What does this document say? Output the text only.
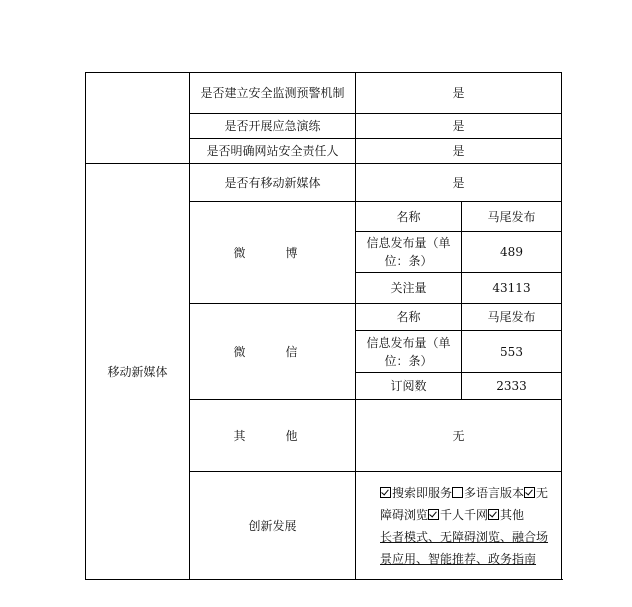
	是否建立安全监测预警机制	是	
	是否开展应急演练	是	
	是否明确网站安全责任人	是	
移动新媒体	是否有移动新媒体	是	
	微　博	名称	马尾发布
		信息发布量（单位：条）	489
		关注量	43113
	微　信	名称	马尾发布
		信息发布量（单位：条）	553
		订阅数	2333
	其　他	无	
	创新发展	搜索即服务 多语言版本 无障碍浏览 千人千网 其他
长者模式、无障碍浏览、融合场景应用、智能推荐、政务指南	
